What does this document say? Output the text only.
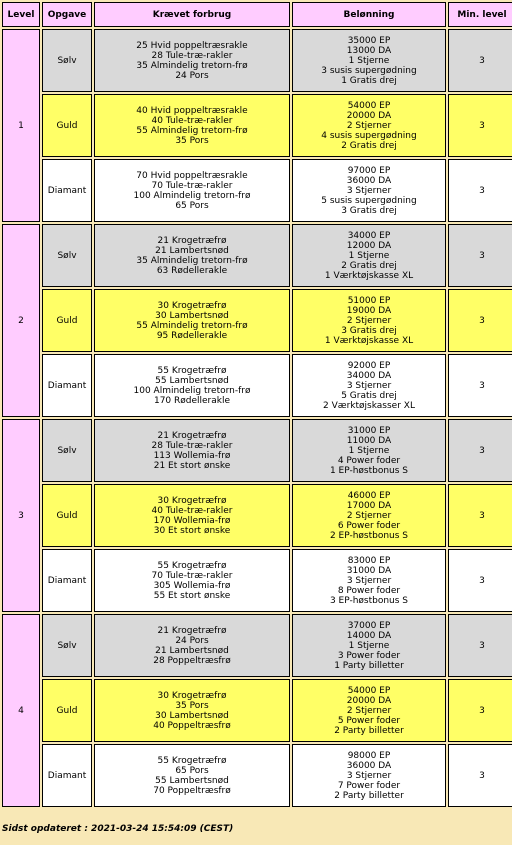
Level	Opgave	Krævet forbrug	Belønning	Min. level
1	Sølv	25 Hvid poppeltræsrakle
28 Tule-træ-rakler
35 Almindelig tretorn-frø
24 Pors	35000 EP
13000 DA
1 Stjerne
3 susis supergødning
1 Gratis drej	3
	Guld	40 Hvid poppeltræsrakle
40 Tule-træ-rakler
55 Almindelig tretorn-frø
35 Pors	54000 EP
20000 DA
2 Stjerner
4 susis supergødning
2 Gratis drej	3
	Diamant	70 Hvid poppeltræsrakle
70 Tule-træ-rakler
100 Almindelig tretorn-frø
65 Pors	97000 EP
36000 DA
3 Stjerner
5 susis supergødning
3 Gratis drej	3
2	Sølv	21 Krogetræfrø
21 Lambertsnød
35 Almindelig tretorn-frø
63 Rødellerakle	34000 EP
12000 DA
1 Stjerne
2 Gratis drej
1 Værktøjskasse XL	3
	Guld	30 Krogetræfrø
30 Lambertsnød
55 Almindelig tretorn-frø
95 Rødellerakle	51000 EP
19000 DA
2 Stjerner
3 Gratis drej
1 Værktøjskasse XL	3
	Diamant	55 Krogetræfrø
55 Lambertsnød
100 Almindelig tretorn-frø
170 Rødellerakle	92000 EP
34000 DA
3 Stjerner
5 Gratis drej
2 Værktøjskasser XL	3
3	Sølv	21 Krogetræfrø
28 Tule-træ-rakler
113 Wollemia-frø
21 Et stort ønske	31000 EP
11000 DA
1 Stjerne
4 Power foder
1 EP-høstbonus S	3
	Guld	30 Krogetræfrø
40 Tule-træ-rakler
170 Wollemia-frø
30 Et stort ønske	46000 EP
17000 DA
2 Stjerner
6 Power foder
2 EP-høstbonus S	3
	Diamant	55 Krogetræfrø
70 Tule-træ-rakler
305 Wollemia-frø
55 Et stort ønske	83000 EP
31000 DA
3 Stjerner
8 Power foder
3 EP-høstbonus S	3
4	Sølv	21 Krogetræfrø
24 Pors
21 Lambertsnød
28 Poppeltræsfrø	37000 EP
14000 DA
1 Stjerne
3 Power foder
1 Party billetter	3
	Guld	30 Krogetræfrø
35 Pors
30 Lambertsnød
40 Poppeltræsfrø	54000 EP
20000 DA
2 Stjerner
5 Power foder
2 Party billetter	3
	Diamant	55 Krogetræfrø
65 Pors
55 Lambertsnød
70 Poppeltræsfrø	98000 EP
36000 DA
3 Stjerner
7 Power foder
2 Party billetter	3
Sidst opdateret : 2021-03-24 15:54:09 (CEST)
